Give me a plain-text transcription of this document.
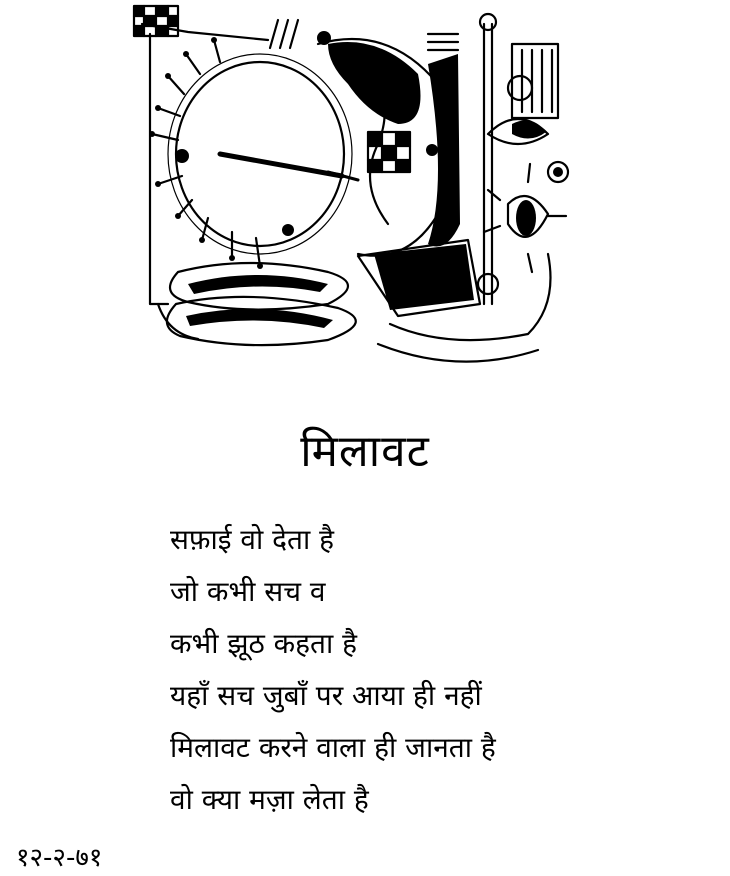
मिलावट
सफ़ाई वो देता है
जो कभी सच व
कभी झूठ कहता है
यहाँ सच जुबाँ पर आया ही नहीं
मिलावट करने वाला ही जानता है
वो क्या मज़ा लेता है
१२-२-७१
